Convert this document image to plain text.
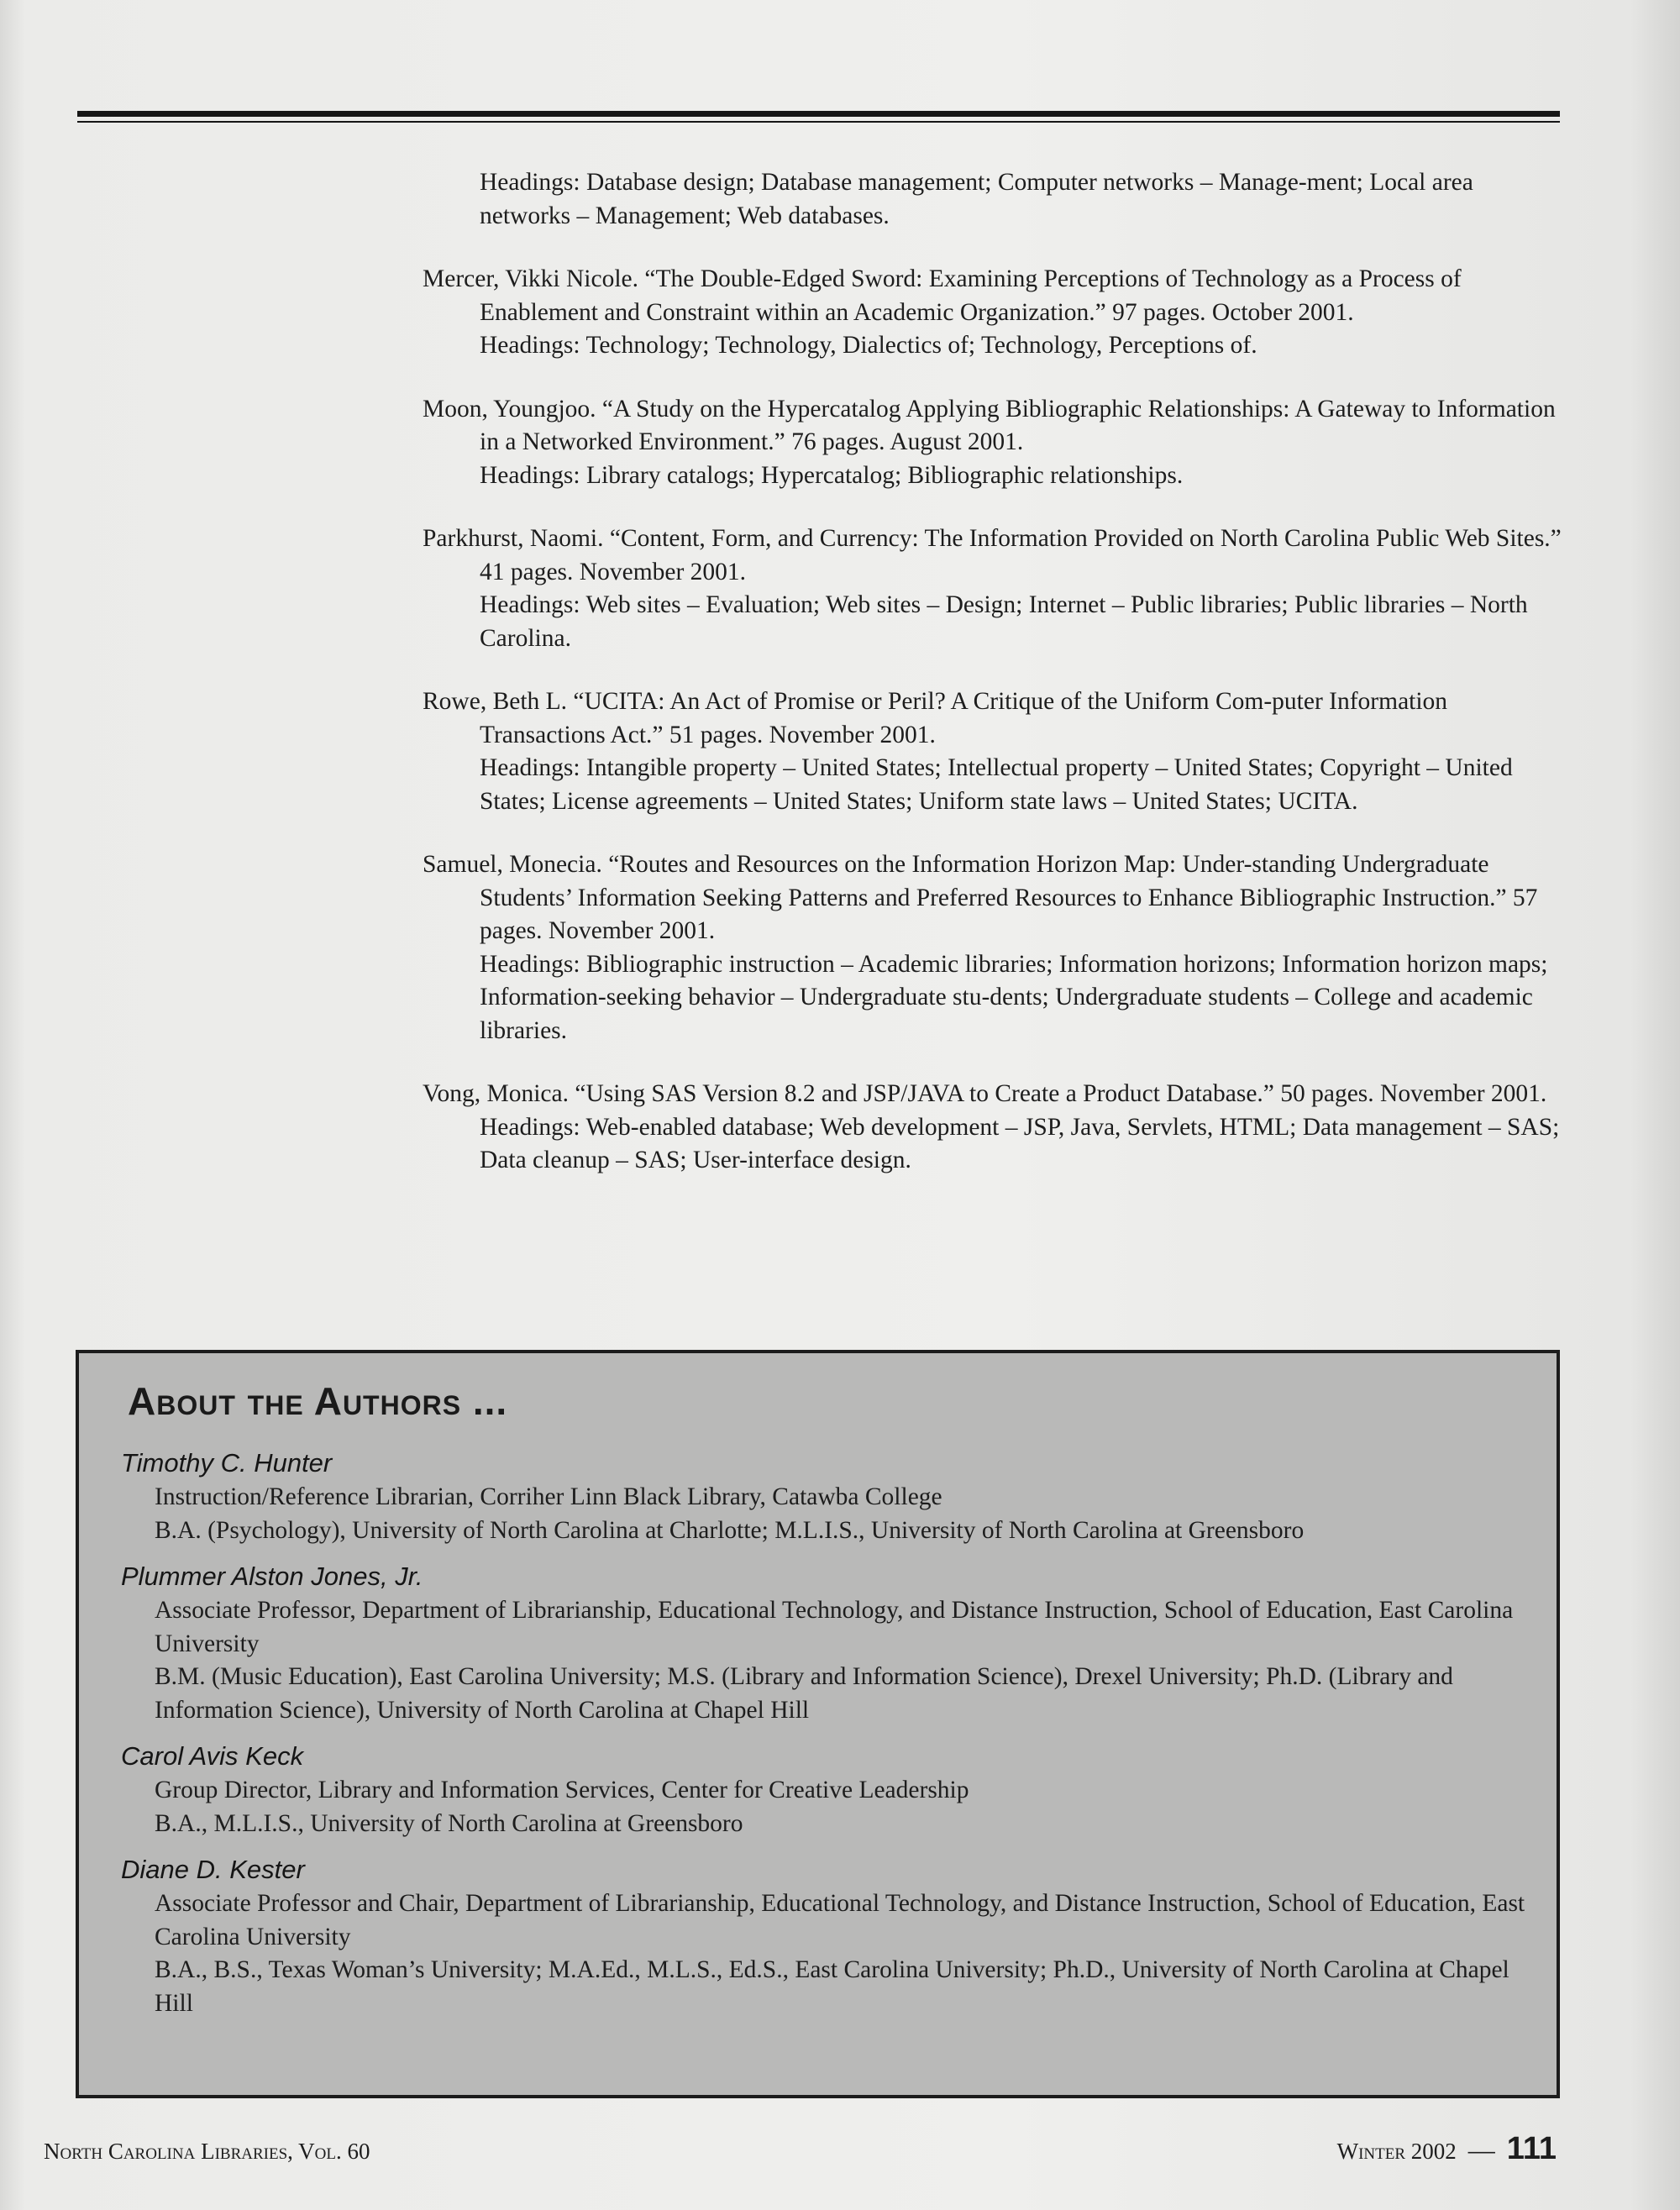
Headings: Database design; Database management; Computer networks – Manage-ment; Local area networks – Management; Web databases.

Mercer, Vikki Nicole. “The Double-Edged Sword: Examining Perceptions of Technology as a Process of Enablement and Constraint within an Academic Organization.” 97 pages. October 2001.

Headings: Technology; Technology, Dialectics of; Technology, Perceptions of.

Moon, Youngjoo. “A Study on the Hypercatalog Applying Bibliographic Relationships: A Gateway to Information in a Networked Environment.” 76 pages. August 2001.

Headings: Library catalogs; Hypercatalog; Bibliographic relationships.

Parkhurst, Naomi. “Content, Form, and Currency: The Information Provided on North Carolina Public Web Sites.” 41 pages. November 2001.

Headings: Web sites – Evaluation; Web sites – Design; Internet – Public libraries; Public libraries – North Carolina.

Rowe, Beth L. “UCITA: An Act of Promise or Peril? A Critique of the Uniform Com-puter Information Transactions Act.” 51 pages. November 2001.

Headings: Intangible property – United States; Intellectual property – United States; Copyright – United States; License agreements – United States; Uniform state laws – United States; UCITA.

Samuel, Monecia. “Routes and Resources on the Information Horizon Map: Under-standing Undergraduate Students’ Information Seeking Patterns and Preferred Resources to Enhance Bibliographic Instruction.” 57 pages. November 2001.

Headings: Bibliographic instruction – Academic libraries; Information horizons; Information horizon maps; Information-seeking behavior – Undergraduate stu-dents; Undergraduate students – College and academic libraries.

Vong, Monica. “Using SAS Version 8.2 and JSP/JAVA to Create a Product Database.” 50 pages. November 2001.

Headings: Web-enabled database; Web development – JSP, Java, Servlets, HTML; Data management – SAS; Data cleanup – SAS; User-interface design.

About the Authors ...
Timothy C. Hunter
Instruction/Reference Librarian, Corriher Linn Black Library, Catawba College
B.A. (Psychology), University of North Carolina at Charlotte; M.L.I.S., University of North Carolina at Greensboro
Plummer Alston Jones, Jr.
Associate Professor, Department of Librarianship, Educational Technology, and Distance Instruction, School of Education, East Carolina University
B.M. (Music Education), East Carolina University; M.S. (Library and Information Science), Drexel University; Ph.D. (Library and Information Science), University of North Carolina at Chapel Hill
Carol Avis Keck
Group Director, Library and Information Services, Center for Creative Leadership
B.A., M.L.I.S., University of North Carolina at Greensboro
Diane D. Kester
Associate Professor and Chair, Department of Librarianship, Educational Technology, and Distance Instruction, School of Education, East Carolina University
B.A., B.S., Texas Woman’s University; M.A.Ed., M.L.S., Ed.S., East Carolina University; Ph.D., University of North Carolina at Chapel Hill
North Carolina Libraries, Vol. 60	Winter 2002 — 111
